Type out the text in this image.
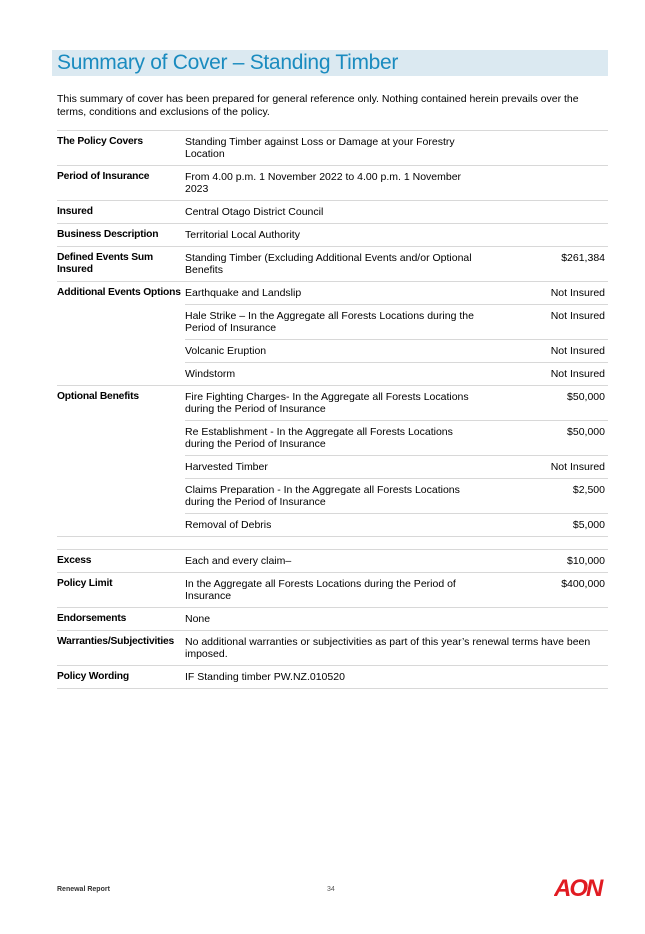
Summary of Cover – Standing Timber
This summary of cover has been prepared for general reference only. Nothing contained herein prevails over the terms, conditions and exclusions of the policy.
The Policy Covers	Standing Timber against Loss or Damage at your Forestry Location	
Period of Insurance	From 4.00 p.m. 1 November 2022 to 4.00 p.m. 1 November 2023	
Insured	Central Otago District Council	
Business Description	Territorial Local Authority	
Defined Events Sum Insured	Standing Timber (Excluding Additional Events and/or Optional Benefits	$261,384
Additional Events Options	Earthquake and Landslip	Not Insured
	Hale Strike – In the Aggregate all Forests Locations during the Period of Insurance	Not Insured
	Volcanic Eruption	Not Insured
	Windstorm	Not Insured
Optional Benefits	Fire Fighting Charges- In the Aggregate all Forests Locations during the Period of Insurance	$50,000
	Re Establishment - In the Aggregate all Forests Locations during the Period of Insurance	$50,000
	Harvested Timber	Not Insured
	Claims Preparation - In the Aggregate all Forests Locations during the Period of Insurance	$2,500
	Removal of Debris	$5,000

Excess	Each and every claim–	$10,000
Policy Limit	In the Aggregate all Forests Locations during the Period of Insurance	$400,000
Endorsements	None	
Warranties/Subjectivities	No additional warranties or subjectivities as part of this year’s renewal terms have been imposed.	
Policy Wording	IF Standing timber PW.NZ.010520	
Renewal Report	34	AON
